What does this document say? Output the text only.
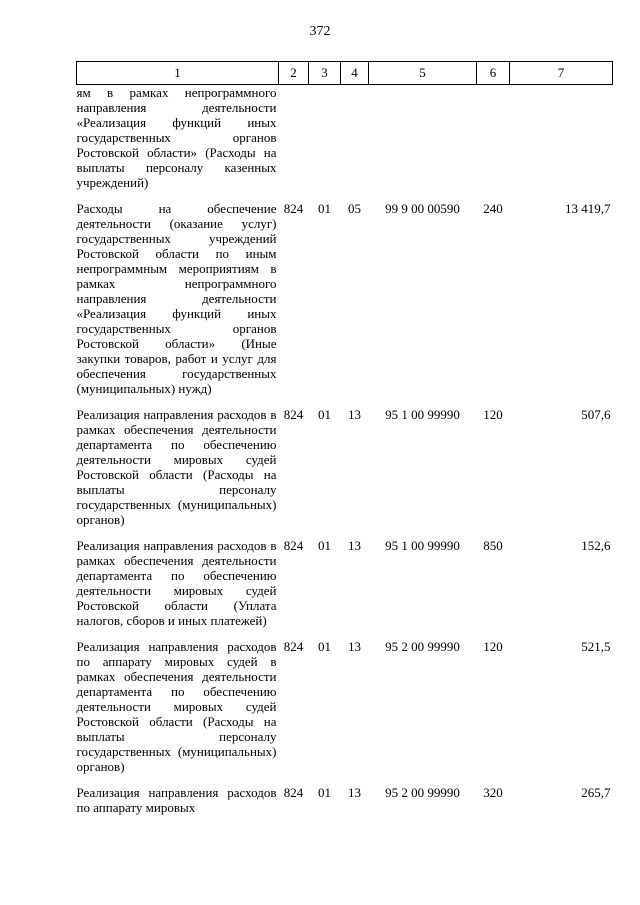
372
1	2	3	4	5	6	7
ям в рамках непрограммного направления деятельности «Реализация функций иных государственных органов Ростовской области» (Расходы на выплаты персоналу казенных учреждений)						

Расходы на обеспечение деятельности (оказание услуг) государственных учреждений Ростовской области по иным непрограммным мероприятиям в рамках непрограммного направления деятельности «Реализация функций иных государственных органов Ростовской области» (Иные закупки товаров, работ и услуг для обеспечения государственных (муниципальных) нужд)	824	01	05	99 9 00 00590	240	13 419,7

Реализация направления расходов в рамках обеспечения деятельности департамента по обеспечению деятельности мировых судей Ростовской области (Расходы на выплаты персоналу государственных (муниципальных) органов)	824	01	13	95 1 00 99990	120	507,6

Реализация направления расходов в рамках обеспечения деятельности департамента по обеспечению деятельности мировых судей Ростовской области (Уплата налогов, сборов и иных платежей)	824	01	13	95 1 00 99990	850	152,6

Реализация направления расходов по аппарату мировых судей в рамках обеспечения деятельности департамента по обеспечению деятельности мировых судей Ростовской области (Расходы на выплаты персоналу государственных (муниципальных) органов)	824	01	13	95 2 00 99990	120	521,5

Реализация направления расходов по аппарату мировых	824	01	13	95 2 00 99990	320	265,7
